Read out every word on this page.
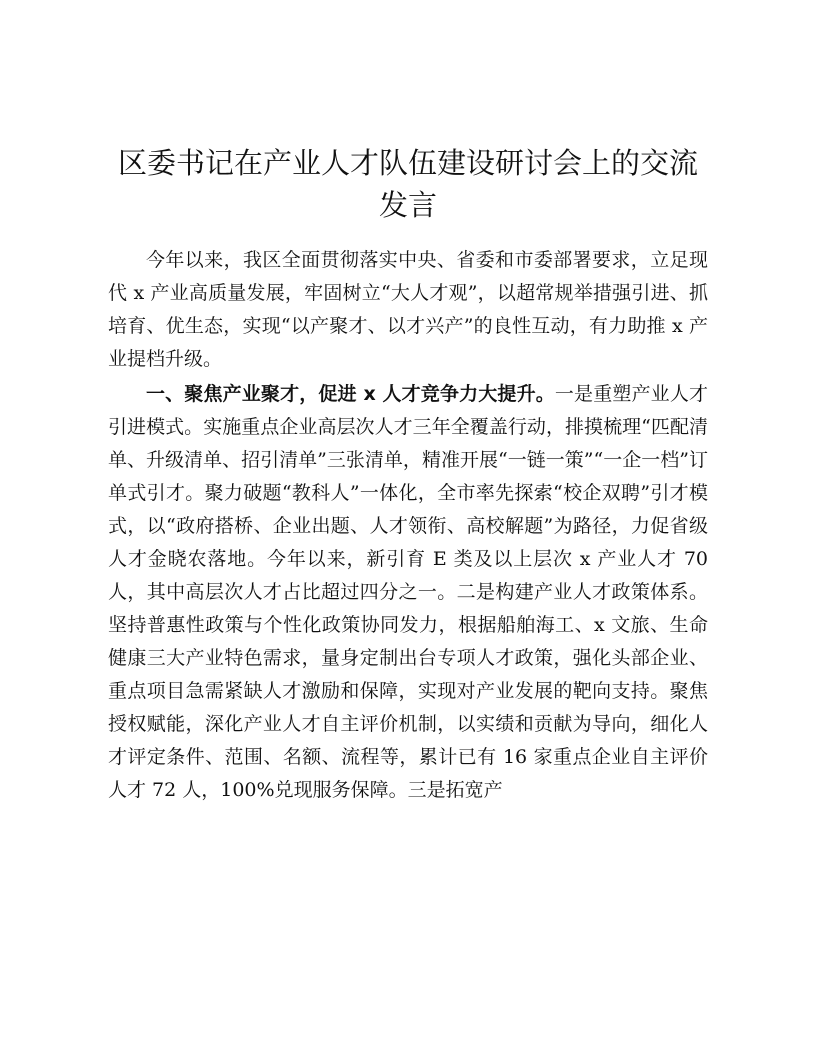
区委书记在产业人才队伍建设研讨会上的交流发言

今年以来，我区全面贯彻落实中央、省委和市委部署要求，立足现代 x 产业高质量发展，牢固树立“大人才观”，以超常规举措强引进、抓培育、优生态，实现“以产聚才、以才兴产”的良性互动，有力助推 x 产业提档升级。

一、聚焦产业聚才，促进 x 人才竞争力大提升。一是重塑产业人才引进模式。实施重点企业高层次人才三年全覆盖行动，排摸梳理“匹配清单、升级清单、招引清单”三张清单，精准开展“一链一策”“一企一档”订单式引才。聚力破题“教科人”一体化，全市率先探索“校企双聘”引才模式，以“政府搭桥、企业出题、人才领衔、高校解题”为路径，力促省级人才金晓农落地。今年以来，新引育 E 类及以上层次 x 产业人才 70 人，其中高层次人才占比超过四分之一。二是构建产业人才政策体系。坚持普惠性政策与个性化政策协同发力，根据船舶海工、x 文旅、生命健康三大产业特色需求，量身定制出台专项人才政策，强化头部企业、重点项目急需紧缺人才激励和保障，实现对产业发展的靶向支持。聚焦授权赋能，深化产业人才自主评价机制，以实绩和贡献为导向，细化人才评定条件、范围、名额、流程等，累计已有 16 家重点企业自主评价人才 72 人，100%兑现服务保障。三是拓宽产
